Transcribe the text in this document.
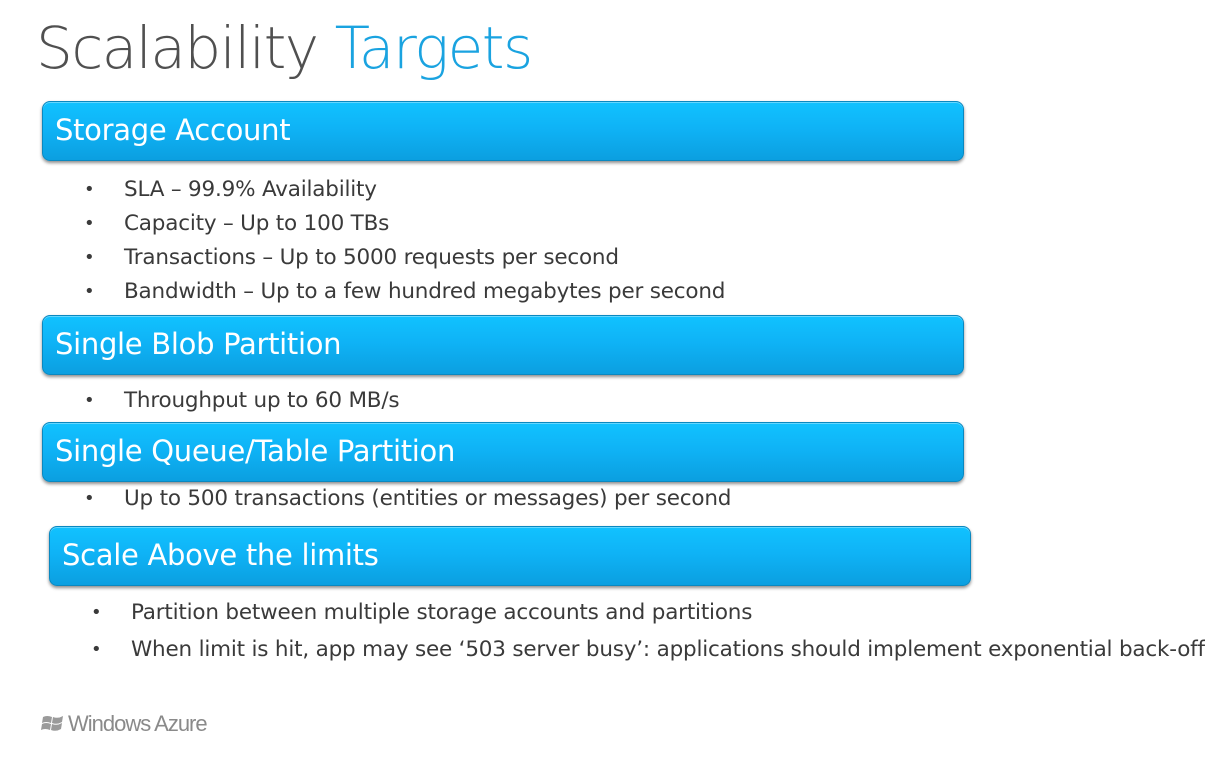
Scalability Targets
Storage Account
• SLA – 99.9% Availability
• Capacity – Up to 100 TBs
• Transactions – Up to 5000 requests per second
• Bandwidth – Up to a few hundred megabytes per second
Single Blob Partition
• Throughput up to 60 MB/s
Single Queue/Table Partition
• Up to 500 transactions (entities or messages) per second
Scale Above the limits
• Partition between multiple storage accounts and partitions
• When limit is hit, app may see ‘503 server busy’: applications should implement exponential back-off
Windows Azure
